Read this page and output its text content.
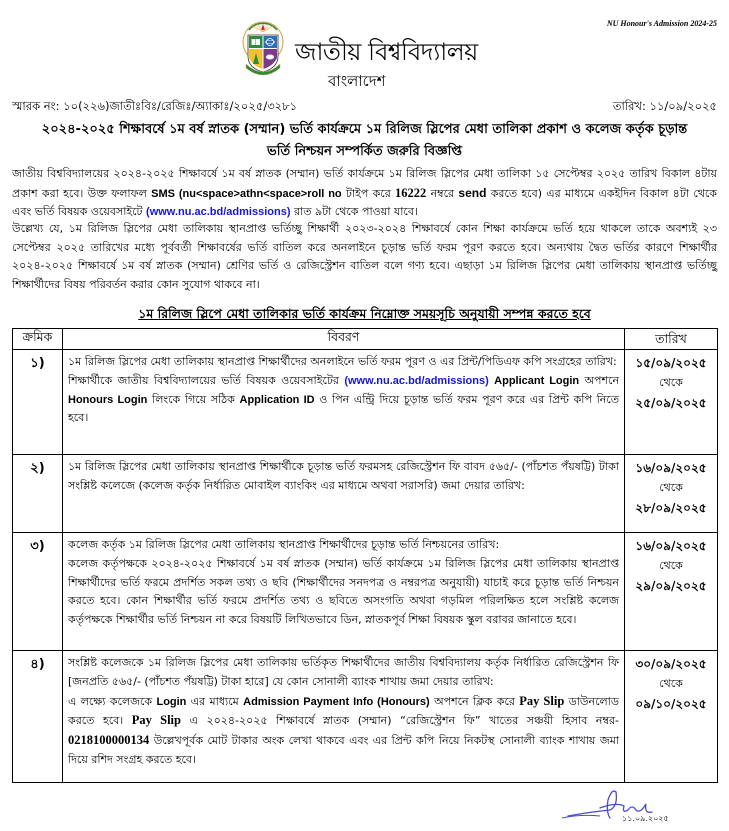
NU Honour's Admission 2024-25
জাতীয় বিশ্ববিদ্যালয়
বাংলাদেশ
স্মারক নং: ১০(২২৬)জাতীঃবিঃ/রেজিঃ/অ্যাকাঃ/২০২৫/৩২৮১	তারিখ: ১১/০৯/২০২৫
২০২৪-২০২৫ শিক্ষাবর্ষে ১ম বর্ষ স্নাতক (সম্মান) ভর্তি কার্যক্রমে ১ম রিলিজ স্লিপের মেধা তালিকা প্রকাশ ও কলেজ কর্তৃক চূড়ান্ত
ভর্তি নিশ্চয়ন সম্পর্কিত জরুরি বিজ্ঞপ্তি
জাতীয় বিশ্ববিদ্যালয়ের ২০২৪-২০২৫ শিক্ষাবর্ষে ১ম বর্ষ স্নাতক (সম্মান) ভর্তি কার্যক্রমে ১ম রিলিজ স্লিপের মেধা তালিকা ১৫ সেপ্টেম্বর ২০২৫ তারিখ বিকাল ৪টায় প্রকাশ করা হবে। উক্ত ফলাফল SMS (nu<space>athn<space>roll no টাইপ করে 16222 নম্বরে send করতে হবে) এর মাধ্যমে একইদিন বিকাল ৪টা থেকে এবং ভর্তি বিষয়ক ওয়েবসাইটে (www.nu.ac.bd/admissions) রাত ৯টা থেকে পাওয়া যাবে।
উল্লেখ্য যে, ১ম রিলিজ স্লিপের মেধা তালিকায় স্থানপ্রাপ্ত ভর্তিচ্ছু শিক্ষার্থী ২০২৩-২০২৪ শিক্ষাবর্ষে কোন শিক্ষা কার্যক্রমে ভর্তি হয়ে থাকলে তাকে অবশ্যই ২৩ সেপ্টেম্বর ২০২৫ তারিখের মধ্যে পূর্ববর্তী শিক্ষাবর্ষের ভর্তি বাতিল করে অনলাইনে চূড়ান্ত ভর্তি ফরম পূরণ করতে হবে। অন্যথায় দ্বৈত ভর্তির কারণে শিক্ষার্থীর ২০২৪-২০২৫ শিক্ষাবর্ষে ১ম বর্ষ স্নাতক (সম্মান) শ্রেণির ভর্তি ও রেজিস্ট্রেশন বাতিল বলে গণ্য হবে। এছাড়া ১ম রিলিজ স্লিপের মেধা তালিকায় স্থানপ্রাপ্ত ভর্তিচ্ছু শিক্ষার্থীদের বিষয় পরিবর্তন করার কোন সুযোগ থাকবে না।
১ম রিলিজ স্লিপে মেধা তালিকার ভর্তি কার্যক্রম নিম্নোক্ত সময়সূচি অনুযায়ী সম্পন্ন করতে হবে
ক্রমিক	বিবরণ	তারিখ
১)	১ম রিলিজ স্লিপের মেধা তালিকায় স্থানপ্রাপ্ত শিক্ষার্থীদের অনলাইনে ভর্তি ফরম পূরণ ও এর প্রিন্ট/পিডিএফ কপি সংগ্রহের তারিখ:
শিক্ষার্থীকে জাতীয় বিশ্ববিদ্যালয়ের ভর্তি বিষয়ক ওয়েবসাইটের (www.nu.ac.bd/admissions) Applicant Login অপশনে Honours Login লিংকে গিয়ে সঠিক Application ID ও পিন এন্ট্রি দিয়ে চূড়ান্ত ভর্তি ফরম পূরণ করে এর প্রিন্ট কপি নিতে হবে।

১৫/০৯/২০২৫
থেকে
২৫/০৯/২০২৫

২)	১ম রিলিজ স্লিপের মেধা তালিকায় স্থানপ্রাপ্ত শিক্ষার্থীকে চূড়ান্ত ভর্তি ফরমসহ রেজিস্ট্রেশন ফি বাবদ ৫৬৫/- (পাঁচশত পঁয়ষট্টি) টাকা সংশ্লিষ্ট কলেজে (কলেজ কর্তৃক নির্ধারিত মোবাইল ব্যাংকিং এর মাধ্যমে অথবা সরাসরি) জমা দেয়ার তারিখ:	
১৬/০৯/২০২৫
থেকে
২৮/০৯/২০২৫

৩)	কলেজ কর্তৃক ১ম রিলিজ স্লিপের মেধা তালিকায় স্থানপ্রাপ্ত শিক্ষার্থীদের চূড়ান্ত ভর্তি নিশ্চয়নের তারিখ:
কলেজ কর্তৃপক্ষকে ২০২৪-২০২৫ শিক্ষাবর্ষে ১ম বর্ষ স্নাতক (সম্মান) ভর্তি কার্যক্রমে ১ম রিলিজ স্লিপের মেধা তালিকায় স্থানপ্রাপ্ত শিক্ষার্থীদের ভর্তি ফরমে প্রদর্শিত সকল তথ্য ও ছবি (শিক্ষার্থীদের সনদপত্র ও নম্বরপত্র অনুযায়ী) যাচাই করে চূড়ান্ত ভর্তি নিশ্চয়ন করতে হবে। কোন শিক্ষার্থীর ভর্তি ফরমে প্রদর্শিত তথ্য ও ছবিতে অসংগতি অথবা গড়মিল পরিলক্ষিত হলে সংশ্লিষ্ট কলেজ কর্তৃপক্ষকে শিক্ষার্থীর ভর্তি নিশ্চয়ন না করে বিষয়টি লিখিতভাবে ডিন, স্নাতকপূর্ব শিক্ষা বিষয়ক স্কুল বরাবর জানাতে হবে।

১৬/০৯/২০২৫
থেকে
২৯/০৯/২০২৫

৪)	সংশ্লিষ্ট কলেজকে ১ম রিলিজ স্লিপের মেধা তালিকায় ভর্তিকৃত শিক্ষার্থীদের জাতীয় বিশ্ববিদ্যালয় কর্তৃক নির্ধারিত রেজিস্ট্রেশন ফি [জনপ্রতি ৫৬৫/- (পাঁচশত পঁয়ষট্টি) টাকা হারে] যে কোন সোনালী ব্যাংক শাখায় জমা দেয়ার তারিখ:
এ লক্ষ্যে কলেজকে Login এর মাধ্যমে Admission Payment Info (Honours) অপশনে ক্লিক করে Pay Slip ডাউনলোড করতে হবে। Pay Slip এ ২০২৪-২০২৫ শিক্ষাবর্ষে স্নাতক (সম্মান) “রেজিস্ট্রেশন ফি” খাতের সঞ্চয়ী হিসাব নম্বর- 0218100000134 উল্লেখপূর্বক মোট টাকার অংক লেখা থাকবে এবং এর প্রিন্ট কপি নিয়ে নিকটস্থ সোনালী ব্যাংক শাখায় জমা দিয়ে রশিদ সংগ্রহ করতে হবে।

৩০/০৯/২০২৫
থেকে
০৯/১০/২০২৫
১১.০৯.২০২৫
